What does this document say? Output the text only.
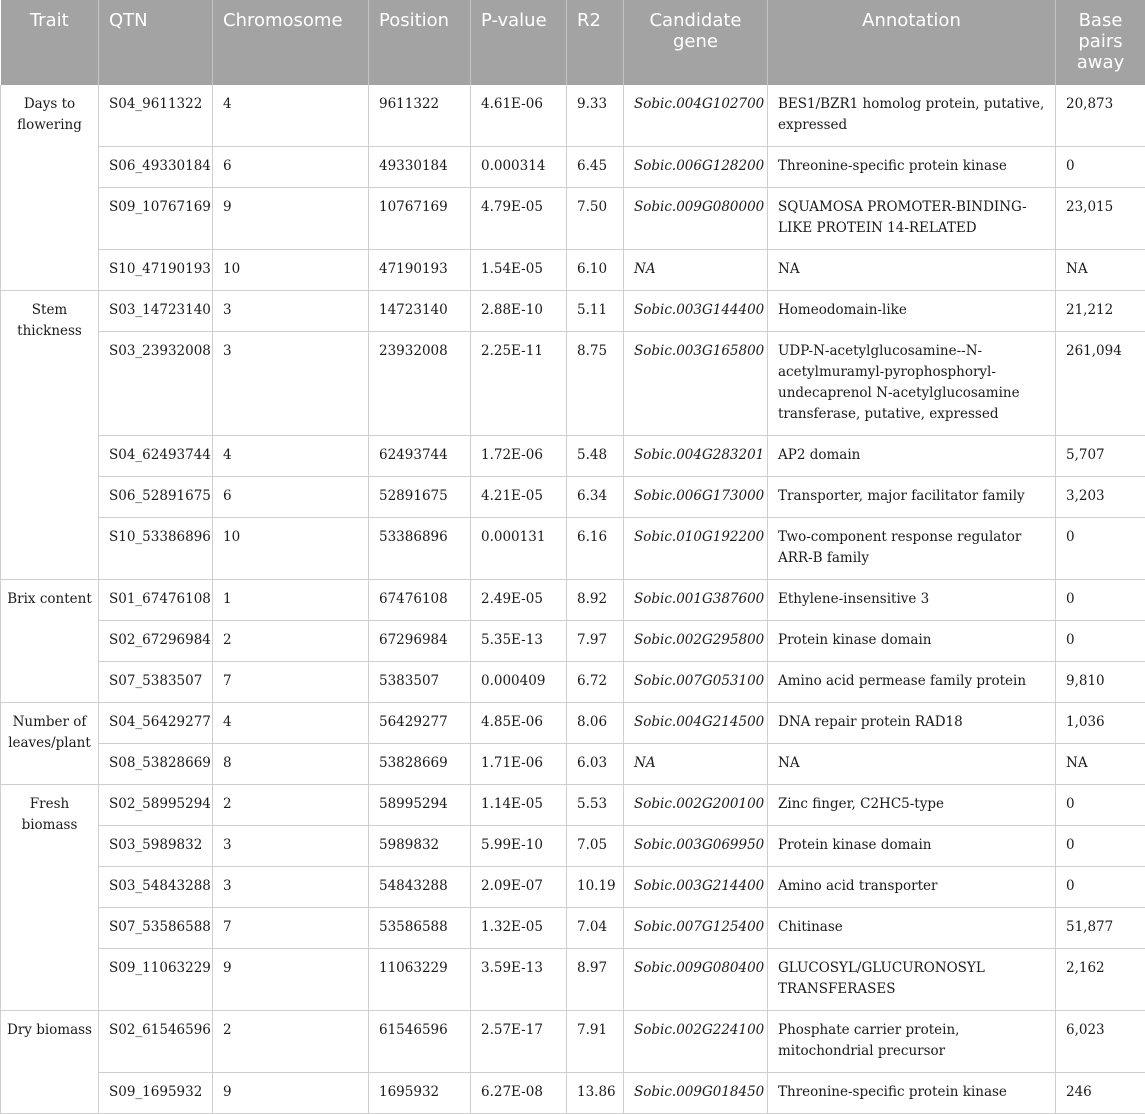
Trait	QTN	Chromosome	Position	P-value	R2	Candidate gene	Annotation	Base pairs away
Days to flowering	S04_9611322	4	9611322	4.61E-06	9.33	Sobic.004G102700	BES1/BZR1 homolog protein, putative, expressed	20,873
	S06_49330184	6	49330184	0.000314	6.45	Sobic.006G128200	Threonine-specific protein kinase	0
	S09_10767169	9	10767169	4.79E-05	7.50	Sobic.009G080000	SQUAMOSA PROMOTER-BINDING-LIKE PROTEIN 14-RELATED	23,015
	S10_47190193	10	47190193	1.54E-05	6.10	NA	NA	NA
Stem thickness	S03_14723140	3	14723140	2.88E-10	5.11	Sobic.003G144400	Homeodomain-like	21,212
	S03_23932008	3	23932008	2.25E-11	8.75	Sobic.003G165800	UDP-N-acetylglucosamine--N-acetylmuramyl-pyrophosphoryl-undecaprenol N-acetylglucosamine transferase, putative, expressed	261,094
	S04_62493744	4	62493744	1.72E-06	5.48	Sobic.004G283201	AP2 domain	5,707
	S06_52891675	6	52891675	4.21E-05	6.34	Sobic.006G173000	Transporter, major facilitator family	3,203
	S10_53386896	10	53386896	0.000131	6.16	Sobic.010G192200	Two-component response regulator ARR-B family	0
Brix content	S01_67476108	1	67476108	2.49E-05	8.92	Sobic.001G387600	Ethylene-insensitive 3	0
	S02_67296984	2	67296984	5.35E-13	7.97	Sobic.002G295800	Protein kinase domain	0
	S07_5383507	7	5383507	0.000409	6.72	Sobic.007G053100	Amino acid permease family protein	9,810
Number of leaves/plant	S04_56429277	4	56429277	4.85E-06	8.06	Sobic.004G214500	DNA repair protein RAD18	1,036
	S08_53828669	8	53828669	1.71E-06	6.03	NA	NA	NA
Fresh biomass	S02_58995294	2	58995294	1.14E-05	5.53	Sobic.002G200100	Zinc finger, C2HC5-type	0
	S03_5989832	3	5989832	5.99E-10	7.05	Sobic.003G069950	Protein kinase domain	0
	S03_54843288	3	54843288	2.09E-07	10.19	Sobic.003G214400	Amino acid transporter	0
	S07_53586588	7	53586588	1.32E-05	7.04	Sobic.007G125400	Chitinase	51,877
	S09_11063229	9	11063229	3.59E-13	8.97	Sobic.009G080400	GLUCOSYL/GLUCURONOSYL TRANSFERASES	2,162
Dry biomass	S02_61546596	2	61546596	2.57E-17	7.91	Sobic.002G224100	Phosphate carrier protein, mitochondrial precursor	6,023
	S09_1695932	9	1695932	6.27E-08	13.86	Sobic.009G018450	Threonine-specific protein kinase	246
